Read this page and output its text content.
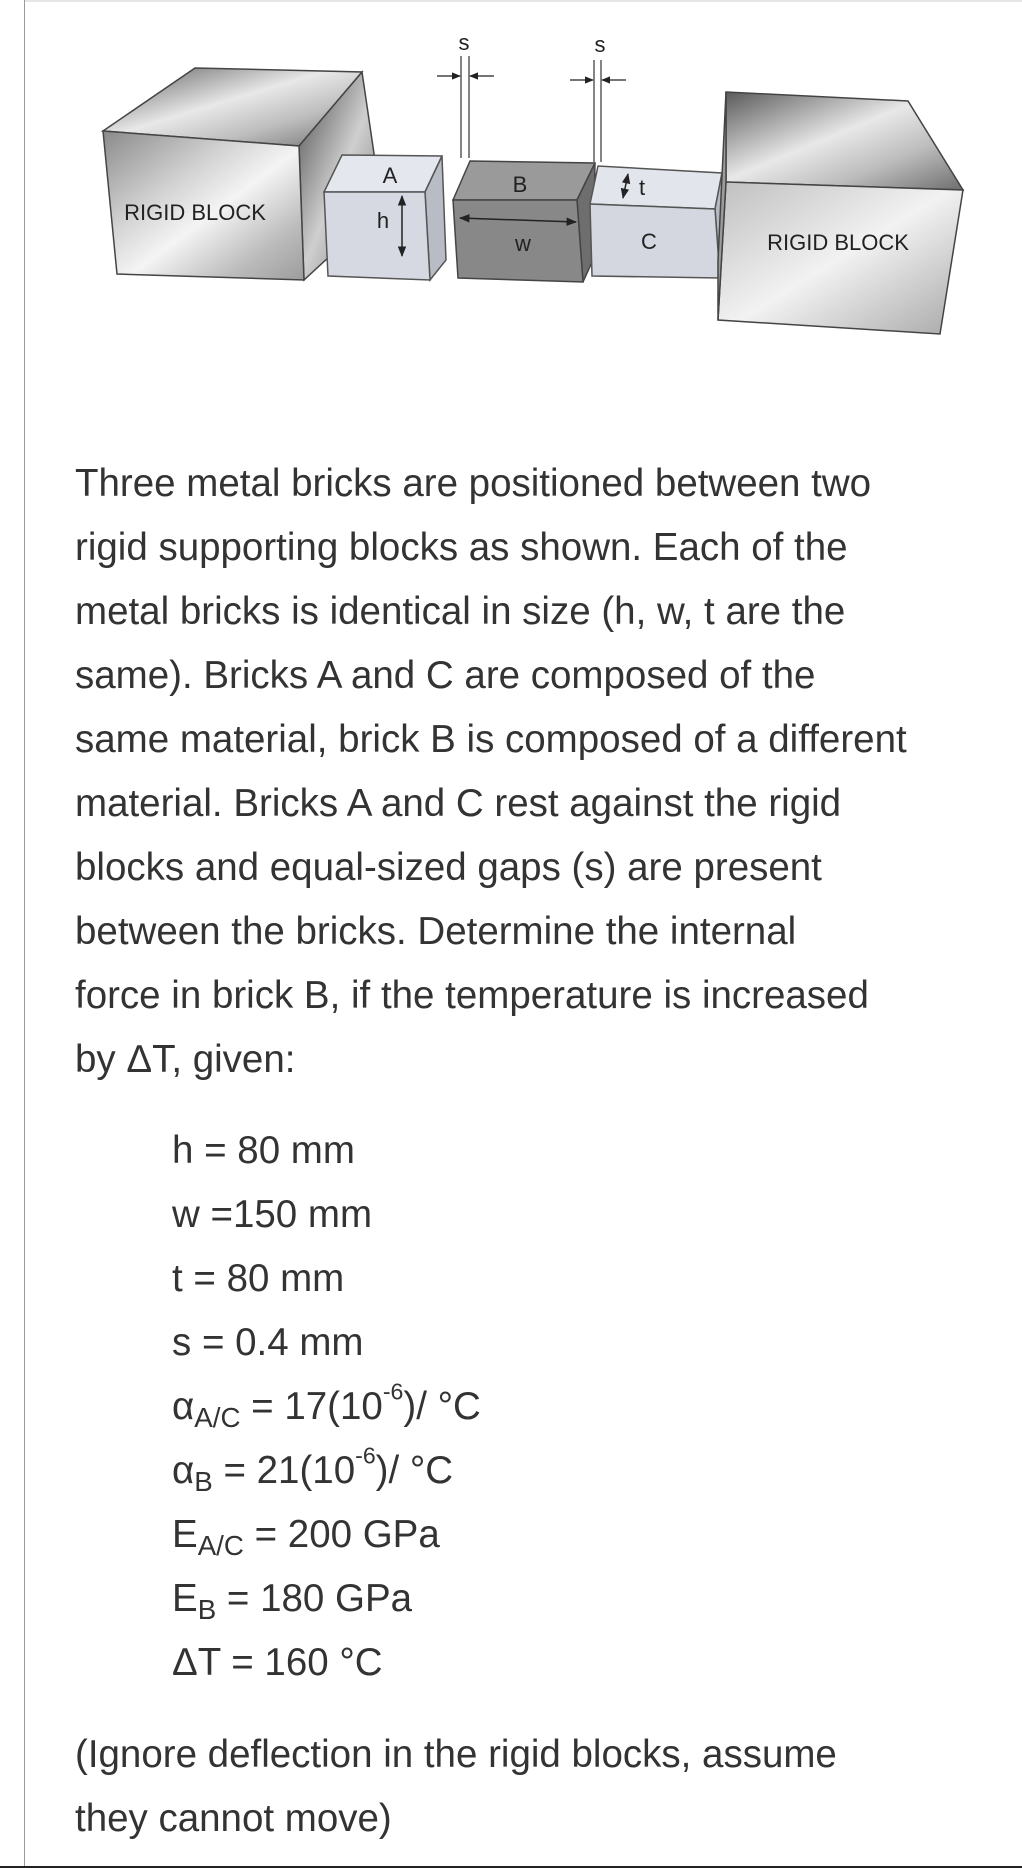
RIGID BLOCK
A
h
B
w
t
C	RIGID BLOCK
s	s

Three metal bricks are positioned between two
rigid supporting blocks as shown. Each of the
metal bricks is identical in size (h, w, t are the
same). Bricks A and C are composed of the
same material, brick B is composed of a different
material. Bricks A and C rest against the rigid
blocks and equal-sized gaps (s) are present
between the bricks. Determine the internal
force in brick B, if the temperature is increased
by ΔT, given:

h = 80 mm
w =150 mm
t = 80 mm
s = 0.4 mm
$\alpha_{A/C} = 17(10^{-6})/$ °C
$\alpha_B = 21(10^{-6})/$ °C
$E_{A/C} = 200$ GPa
$E_B = 180$ GPa
ΔT = 160 °C

(Ignore deflection in the rigid blocks, assume
they cannot move)
